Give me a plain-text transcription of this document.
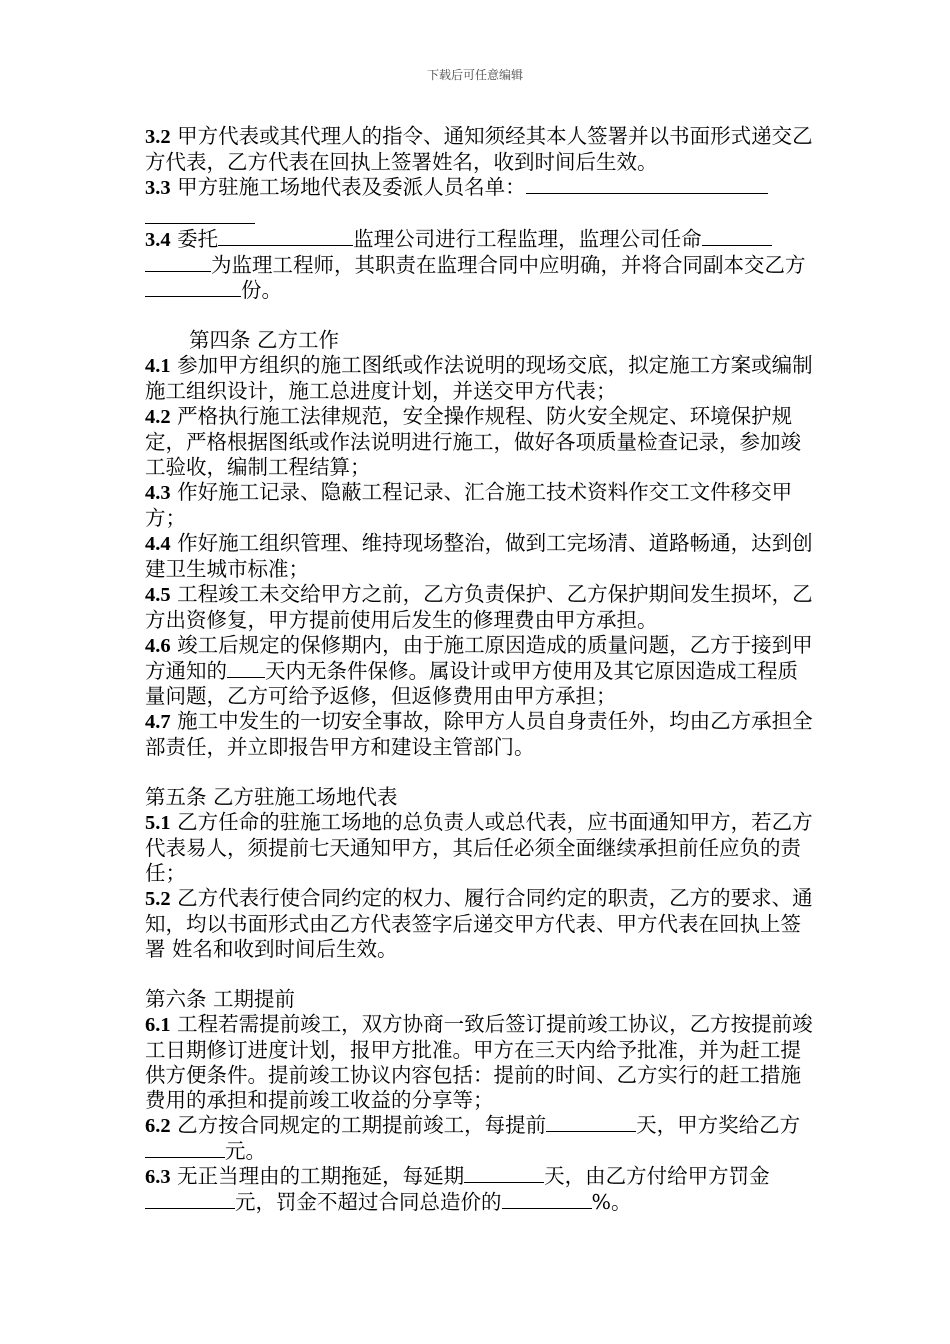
下载后可任意编辑

3.2 甲方代表或其代理人的指令、通知须经其本人签署并以书面形式递交乙方代表，乙方代表在回执上签署姓名，收到时间后生效。

3.3 甲方驻施工场地代表及委派人员名单：

3.4 委托	监理公司进行工程监理，监理公司任命为监理工程师，其职责在监理合同中应明确，并将合同副本交乙方份。

第四条 乙方工作

4.1 参加甲方组织的施工图纸或作法说明的现场交底，拟定施工方案或编制施工组织设计，施工总进度计划，并送交甲方代表；

4.2 严格执行施工法律规范，安全操作规程、防火安全规定、环境保护规定，严格根据图纸或作法说明进行施工，做好各项质量检查记录，参加竣工验收，编制工程结算；

4.3 作好施工记录、隐蔽工程记录、汇合施工技术资料作交工文件移交甲方；

4.4 作好施工组织管理、维持现场整治，做到工完场清、道路畅通，达到创建卫生城市标准；

4.5 工程竣工未交给甲方之前，乙方负责保护、乙方保护期间发生损坏，乙方出资修复，甲方提前使用后发生的修理费由甲方承担。

4.6 竣工后规定的保修期内，由于施工原因造成的质量问题，乙方于接到甲方通知的 天内无条件保修。属设计或甲方使用及其它原因造成工程质量问题，乙方可给予返修，但返修费用由甲方承担；

4.7 施工中发生的一切安全事故，除甲方人员自身责任外，均由乙方承担全部责任，并立即报告甲方和建设主管部门。

第五条 乙方驻施工场地代表

5.1 乙方任命的驻施工场地的总负责人或总代表，应书面通知甲方，若乙方代表易人，须提前七天通知甲方，其后任必须全面继续承担前任应负的责任；

5.2 乙方代表行使合同约定的权力、履行合同约定的职责，乙方的要求、通知，均以书面形式由乙方代表签字后递交甲方代表、甲方代表在回执上签署 姓名和收到时间后生效。

第六条 工期提前

6.1 工程若需提前竣工，双方协商一致后签订提前竣工协议，乙方按提前竣工日期修订进度计划，报甲方批准。甲方在三天内给予批准，并为赶工提供方便条件。提前竣工协议内容包括：提前的时间、乙方实行的赶工措施费用的承担和提前竣工收益的分享等；

6.2 乙方按合同规定的工期提前竣工，每提前	天，甲方奖给乙方元。

6.3 无正当理由的工期拖延，每延期	天，由乙方付给甲方罚金元，罚金不超过合同总造价的	%。
